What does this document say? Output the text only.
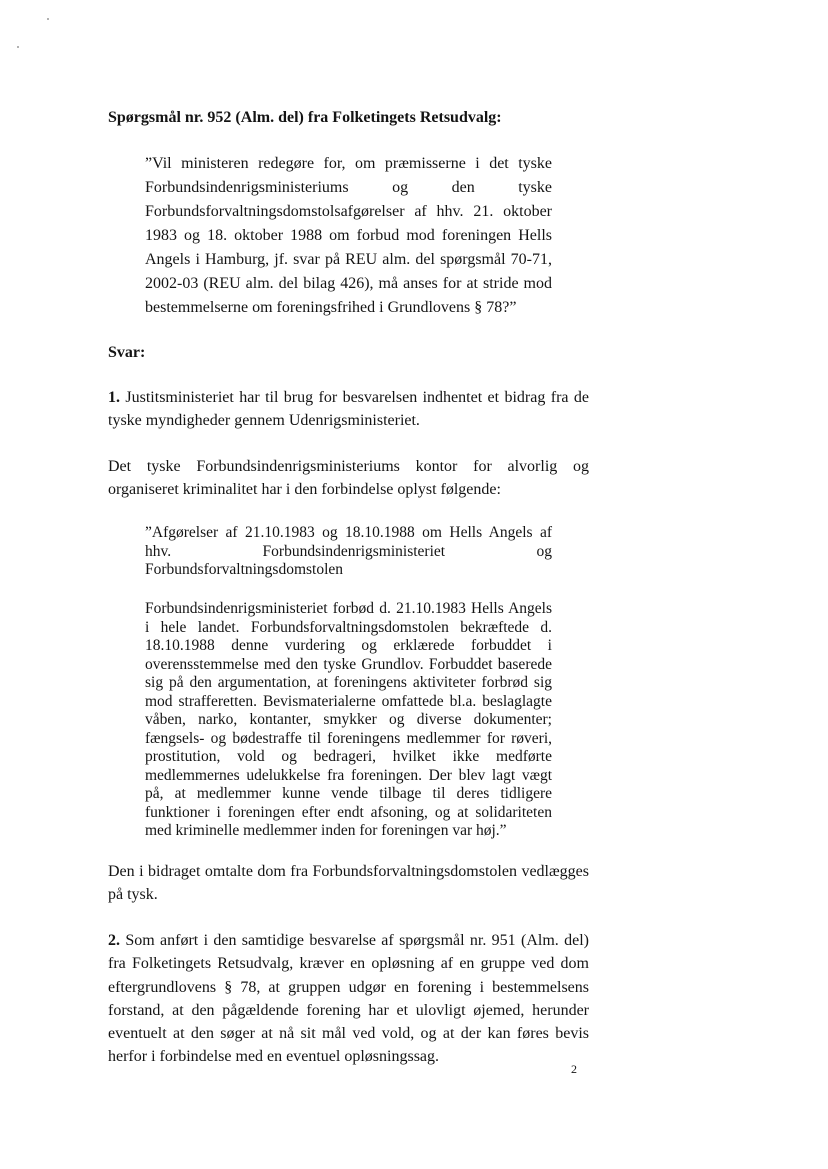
Spørgsmål nr. 952 (Alm. del) fra Folketingets Retsudvalg:

”Vil ministeren redegøre for, om præmisserne i det tyske Forbundsindenrigsministeriums og den tyske Forbundsforvaltningsdomstolsafgørelser af hhv. 21. oktober 1983 og 18. oktober 1988 om forbud mod foreningen Hells Angels i Hamburg, jf. svar på REU alm. del spørgsmål 70-71, 2002-03 (REU alm. del bilag 426), må anses for at stride mod bestemmelserne om foreningsfrihed i Grundlovens § 78?”

Svar:

1. Justitsministeriet har til brug for besvarelsen indhentet et bidrag fra de tyske myndigheder gennem Udenrigsministeriet.

Det tyske Forbundsindenrigsministeriums kontor for alvorlig og organiseret kriminalitet har i den forbindelse oplyst følgende:

”Afgørelser af 21.10.1983 og 18.10.1988 om Hells Angels af hhv. Forbundsindenrigsministeriet og Forbundsforvaltningsdomstolen

Forbundsindenrigsministeriet forbød d. 21.10.1983 Hells Angels i hele landet. Forbundsforvaltningsdomstolen bekræftede d. 18.10.1988 denne vurdering og erklærede forbuddet i overensstemmelse med den tyske Grundlov. Forbuddet baserede sig på den argumentation, at foreningens aktiviteter forbrød sig mod strafferetten. Bevismaterialerne omfattede bl.a. beslaglagte våben, narko, kontanter, smykker og diverse dokumenter; fængsels- og bødestraffe til foreningens medlemmer for røveri, prostitution, vold og bedrageri, hvilket ikke medførte medlemmernes udelukkelse fra foreningen. Der blev lagt vægt på, at medlemmer kunne vende tilbage til deres tidligere funktioner i foreningen efter endt afsoning, og at solidariteten med kriminelle medlemmer inden for foreningen var høj.”

Den i bidraget omtalte dom fra Forbundsforvaltningsdomstolen vedlægges på tysk.

2. Som anført i den samtidige besvarelse af spørgsmål nr. 951 (Alm. del) fra Folketingets Retsudvalg, kræver en opløsning af en gruppe ved dom eftergrundlovens § 78, at gruppen udgør en forening i bestemmelsens forstand, at den pågældende forening har et ulovligt øjemed, herunder eventuelt at den søger at nå sit mål ved vold, og at der kan føres bevis herfor i forbindelse med en eventuel opløsningssag.

2
